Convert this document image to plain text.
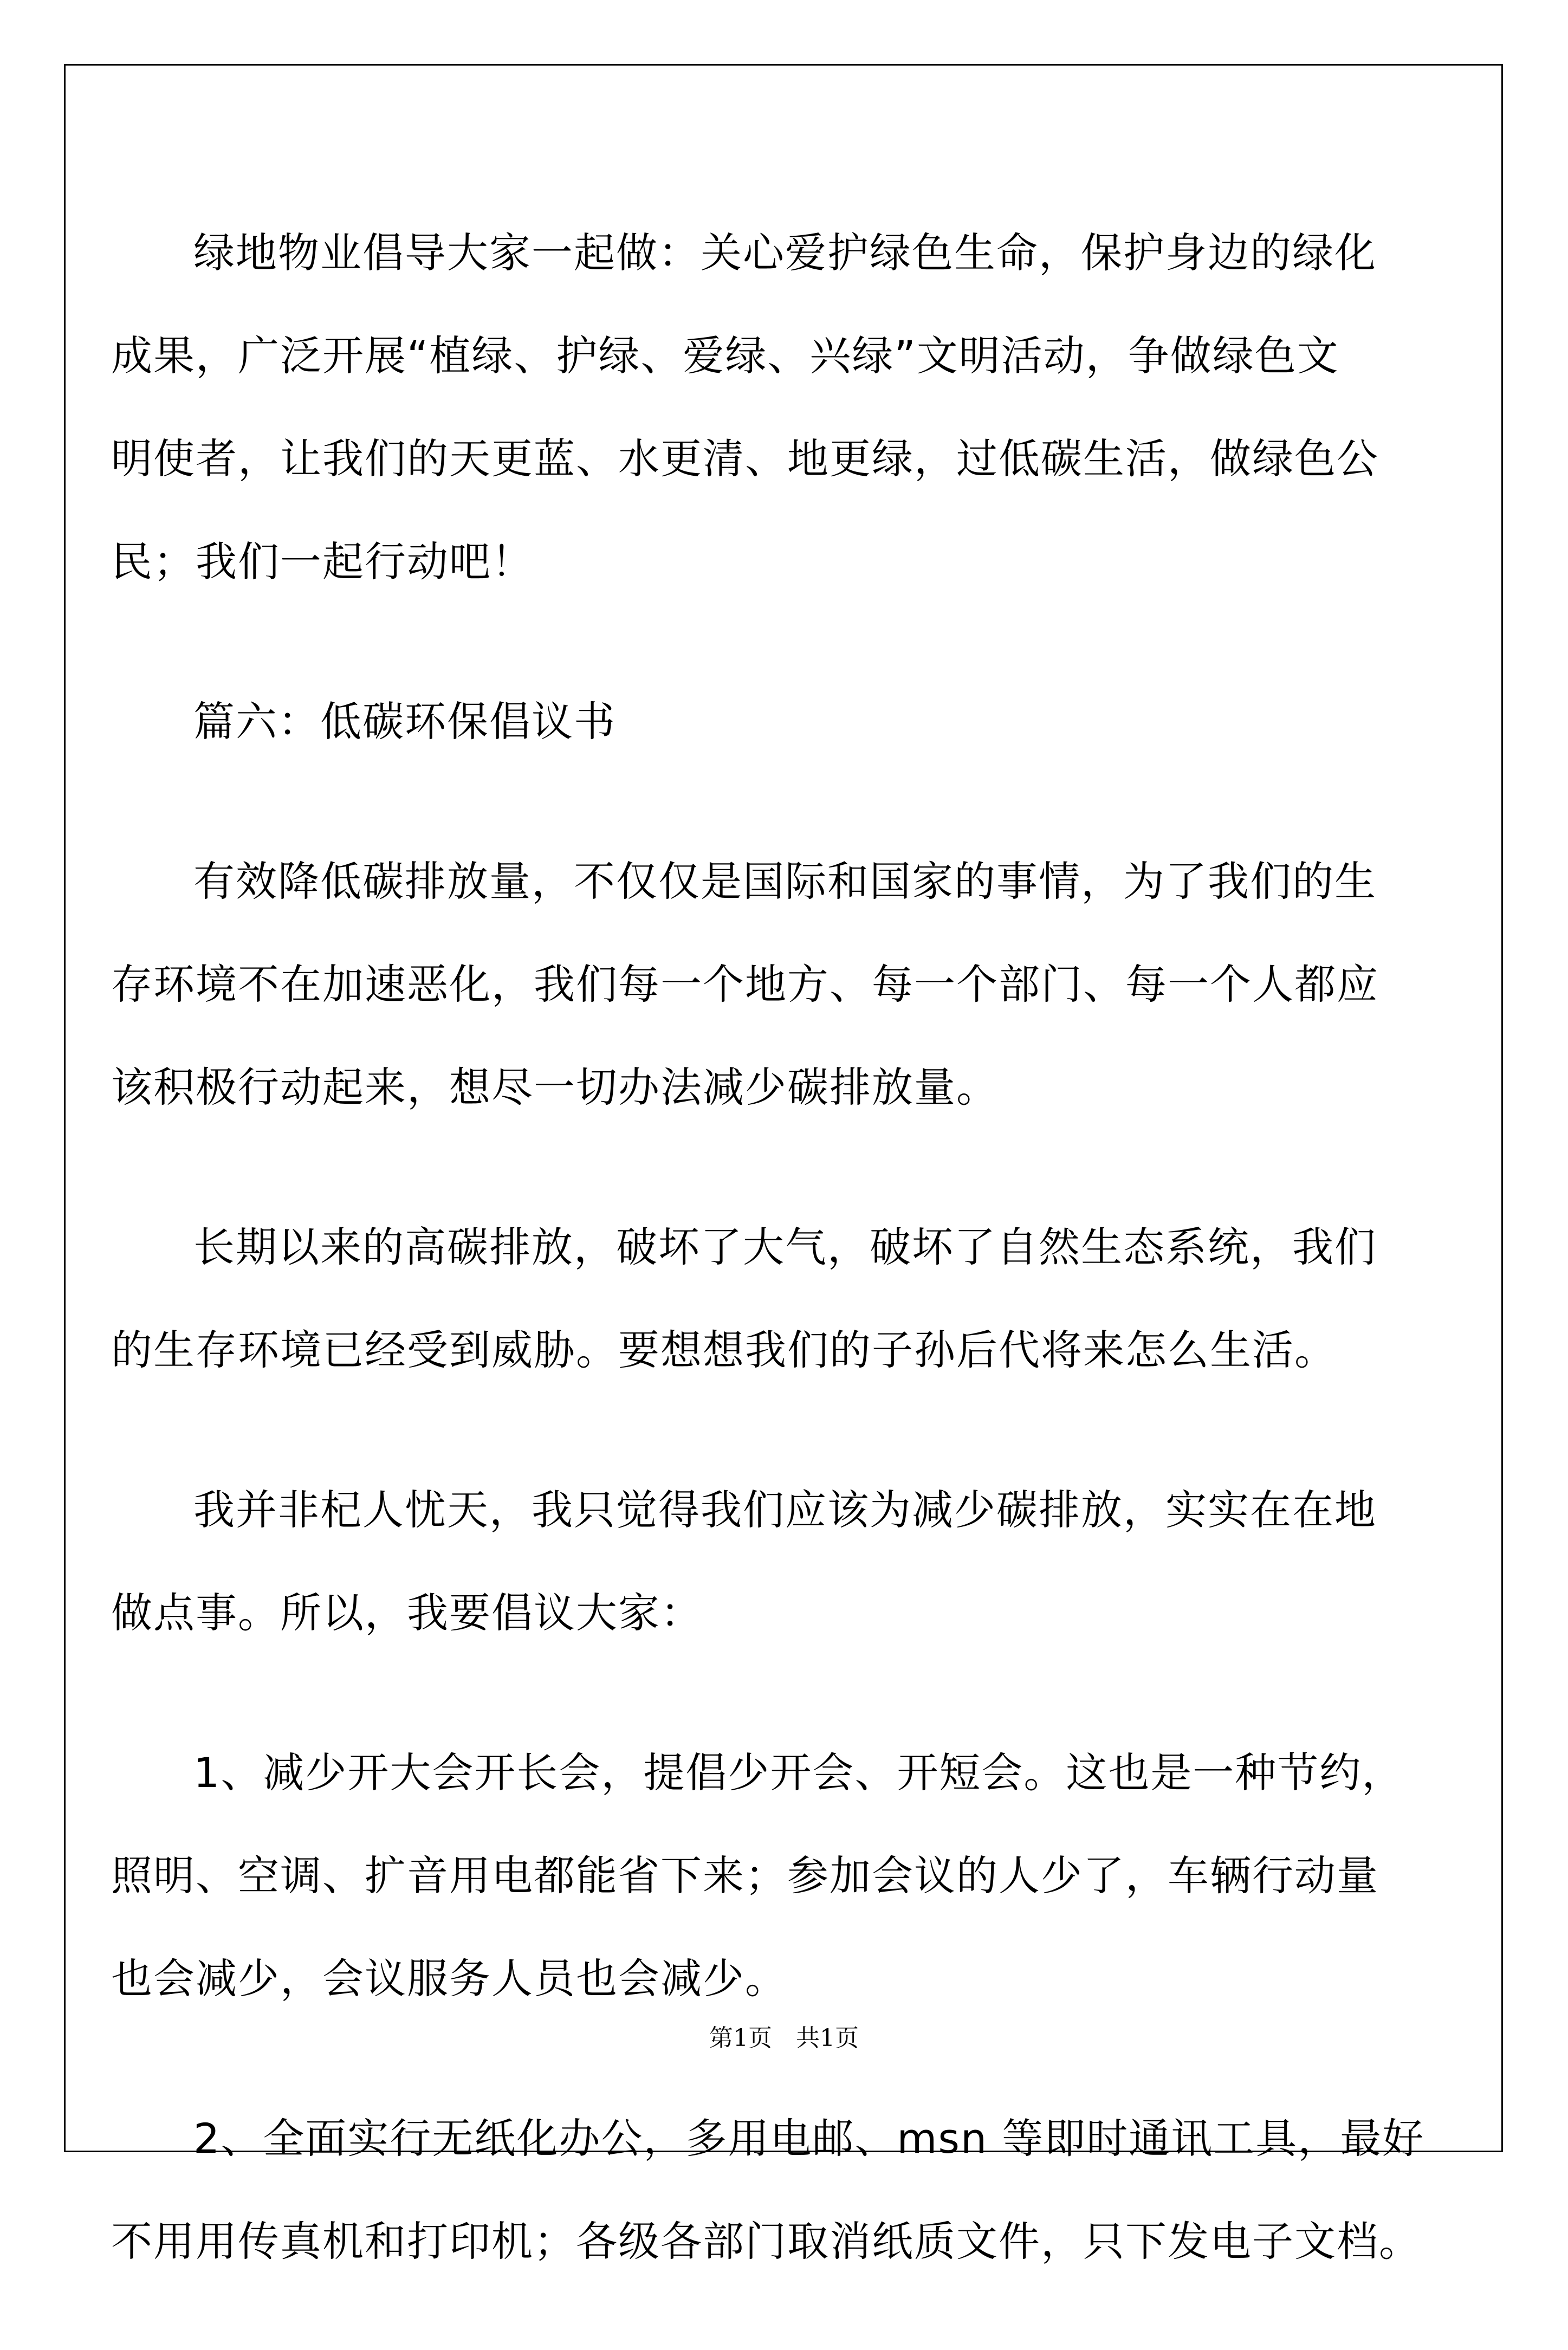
绿地物业倡导大家一起做：关心爱护绿色生命，保护身边的绿化
成果，广泛开展“植绿、护绿、爱绿、兴绿”文明活动，争做绿色文
明使者，让我们的天更蓝、水更清、地更绿，过低碳生活，做绿色公
民；我们一起行动吧！
篇六：低碳环保倡议书
有效降低碳排放量，不仅仅是国际和国家的事情，为了我们的生
存环境不在加速恶化，我们每一个地方、每一个部门、每一个人都应
该积极行动起来，想尽一切办法减少碳排放量。
长期以来的高碳排放，破坏了大气，破坏了自然生态系统，我们
的生存环境已经受到威胁。要想想我们的子孙后代将来怎么生活。
我并非杞人忧天，我只觉得我们应该为减少碳排放，实实在在地
做点事。所以，我要倡议大家：
1、减少开大会开长会，提倡少开会、开短会。这也是一种节约，
照明、空调、扩音用电都能省下来；参加会议的人少了，车辆行动量
也会减少，会议服务人员也会减少。
2、全面实行无纸化办公，多用电邮、msn 等即时通讯工具，最好
不用用传真机和打印机；各级各部门取消纸质文件，只下发电子文档。
第1页 共1页
